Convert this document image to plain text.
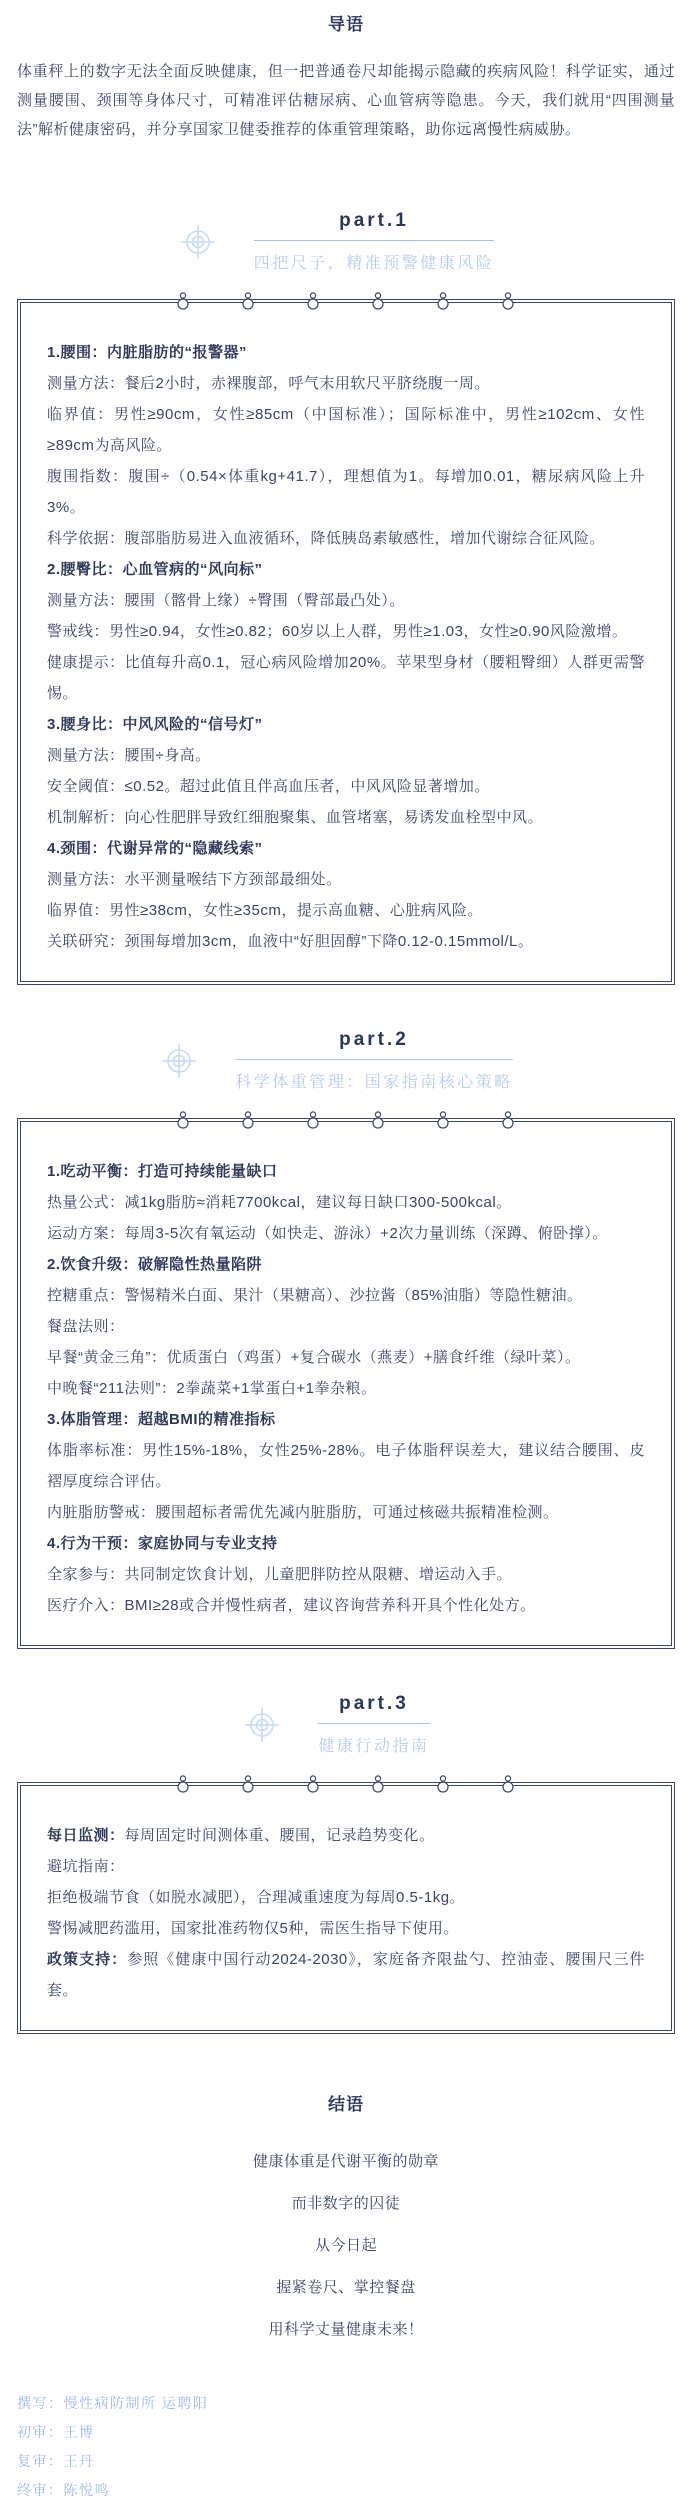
导语

体重秤上的数字无法全面反映健康，但一把普通卷尺却能揭示隐藏的疾病风险！科学证实，通过测量腰围、颈围等身体尺寸，可精准评估糖尿病、心血管病等隐患。今天，我们就用“四围测量法”解析健康密码，并分享国家卫健委推荐的体重管理策略，助你远离慢性病威胁。

part.1
四把尺子，精准预警健康风险

1.腰围：内脏脂肪的“报警器”

测量方法：餐后2小时，赤裸腹部，呼气末用软尺平脐绕腹一周。

临界值：男性≥90cm，女性≥85cm（中国标准）；国际标准中，男性≥102cm、女性≥89cm为高风险。

腹围指数：腹围÷（0.54×体重kg+41.7），理想值为1。每增加0.01，糖尿病风险上升3%。

科学依据：腹部脂肪易进入血液循环，降低胰岛素敏感性，增加代谢综合征风险。

2.腰臀比：心血管病的“风向标”

测量方法：腰围（髂骨上缘）÷臀围（臀部最凸处）。

警戒线：男性≥0.94，女性≥0.82；60岁以上人群，男性≥1.03，女性≥0.90风险激增。

健康提示：比值每升高0.1，冠心病风险增加20%。苹果型身材（腰粗臀细）人群更需警惕。

3.腰身比：中风风险的“信号灯”

测量方法：腰围÷身高。

安全阈值：≤0.52。超过此值且伴高血压者，中风风险显著增加。

机制解析：向心性肥胖导致红细胞聚集、血管堵塞，易诱发血栓型中风。

4.颈围：代谢异常的“隐藏线索”

测量方法：水平测量喉结下方颈部最细处。

临界值：男性≥38cm，女性≥35cm，提示高血糖、心脏病风险。

关联研究：颈围每增加3cm，血液中“好胆固醇”下降0.12-0.15mmol/L。

part.2
科学体重管理：国家指南核心策略

1.吃动平衡：打造可持续能量缺口

热量公式：减1kg脂肪≈消耗7700kcal，建议每日缺口300-500kcal。

运动方案：每周3-5次有氧运动（如快走、游泳）+2次力量训练（深蹲、俯卧撑）。

2.饮食升级：破解隐性热量陷阱

控糖重点：警惕精米白面、果汁（果糖高）、沙拉酱（85%油脂）等隐性糖油。

餐盘法则：

早餐“黄金三角”：优质蛋白（鸡蛋）+复合碳水（燕麦）+膳食纤维（绿叶菜）。

中晚餐“211法则”：2拳蔬菜+1掌蛋白+1拳杂粮。

3.体脂管理：超越BMI的精准指标

体脂率标准：男性15%-18%，女性25%-28%。电子体脂秤误差大，建议结合腰围、皮褶厚度综合评估。

内脏脂肪警戒：腰围超标者需优先减内脏脂肪，可通过核磁共振精准检测。

4.行为干预：家庭协同与专业支持

全家参与：共同制定饮食计划，儿童肥胖防控从限糖、增运动入手。

医疗介入：BMI≥28或合并慢性病者，建议咨询营养科开具个性化处方。

part.3
健康行动指南

每日监测：每周固定时间测体重、腰围，记录趋势变化。

避坑指南：

拒绝极端节食（如脱水减肥），合理减重速度为每周0.5-1kg。

警惕减肥药滥用，国家批准药物仅5种，需医生指导下使用。

政策支持：参照《健康中国行动2024-2030》，家庭备齐限盐勺、控油壶、腰围尺三件套。

结语
健康体重是代谢平衡的勋章
而非数字的囚徒
从今日起
握紧卷尺、掌控餐盘
用科学丈量健康未来！
撰写：慢性病防制所 运聘阳
初审：王博
复审：王丹
终审：陈悦鸣
